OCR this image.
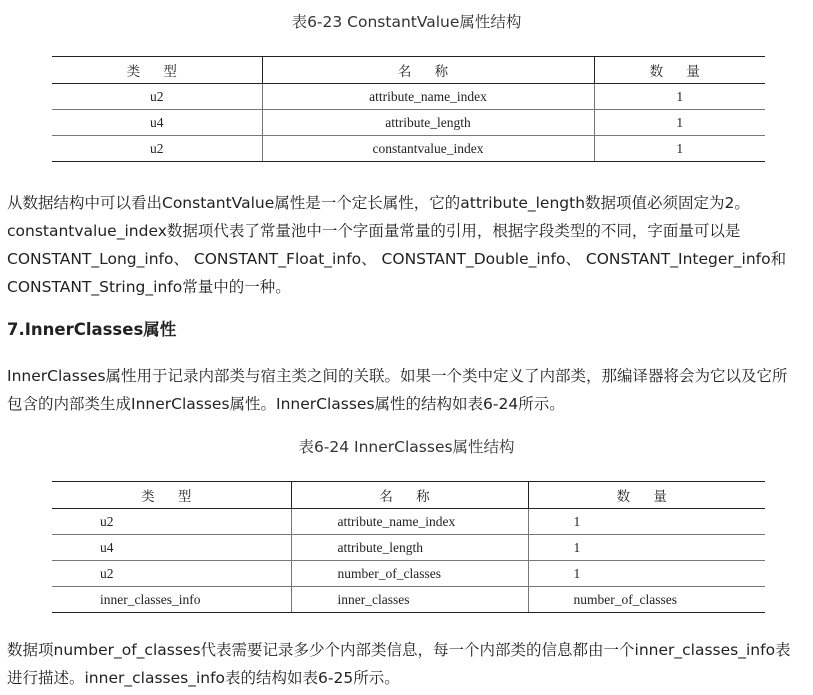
表6-23 ConstantValue属性结构

类 型	名 称	数 量
u2	attribute_name_index	1
u4	attribute_length	1
u2	constantvalue_index	1
从数据结构中可以看出ConstantValue属性是一个定长属性，它的attribute_length数据项值必须固定为2。
constantvalue_index数据项代表了常量池中一个字面量常量的引用，根据字段类型的不同，字面量可以是
CONSTANT_Long_info、 CONSTANT_Float_info、 CONSTANT_Double_info、 CONSTANT_Integer_info和
CONSTANT_String_info常量中的一种。
7.InnerClasses属性
InnerClasses属性用于记录内部类与宿主类之间的关联。如果一个类中定义了内部类，那编译器将会为它以及它所
包含的内部类生成InnerClasses属性。InnerClasses属性的结构如表6-24所示。

表6-24 InnerClasses属性结构

类 型	名 称	数 量
u2	attribute_name_index	1
u4	attribute_length	1
u2	number_of_classes	1
inner_classes_info	inner_classes	number_of_classes
数据项number_of_classes代表需要记录多少个内部类信息，每一个内部类的信息都由一个inner_classes_info表
进行描述。inner_classes_info表的结构如表6-25所示。
